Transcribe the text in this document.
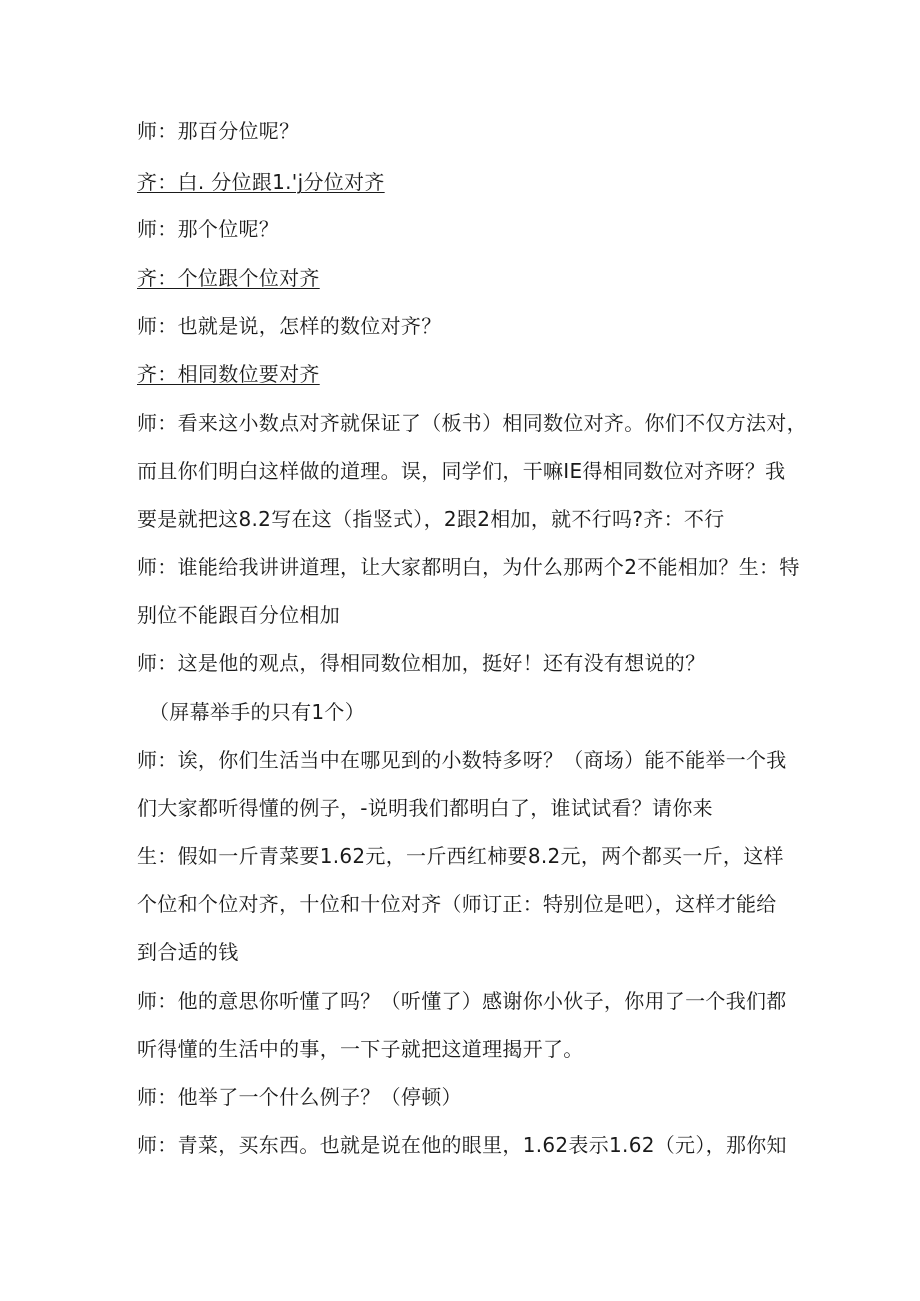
师：那百分位呢？
齐：白. 分位跟1.'j分位对齐
师：那个位呢？
齐：个位跟个位对齐
师：也就是说，怎样的数位对齐？
齐：相同数位要对齐
师：看来这小数点对齐就保证了（板书）相同数位对齐。你们不仅方法对，
而且你们明白这样做的道理。误，同学们，干嘛IE得相同数位对齐呀？我
要是就把这8.2写在这（指竖式），2跟2相加，就不行吗?齐：不行
师：谁能给我讲讲道理，让大家都明白，为什么那两个2不能相加？生：特
别位不能跟百分位相加
师：这是他的观点，得相同数位相加，挺好！还有没有想说的？
（屏幕举手的只有1个）
师：诶，你们生活当中在哪见到的小数特多呀？（商场）能不能举一个我
们大家都听得懂的例子，-说明我们都明白了，谁试试看？请你来
生：假如一斤青菜要1.62元，一斤西红柿要8.2元，两个都买一斤，这样
个位和个位对齐，十位和十位对齐（师订正：特别位是吧），这样才能给
到合适的钱
师：他的意思你听懂了吗？（听懂了）感谢你小伙子，你用了一个我们都
听得懂的生活中的事，一下子就把这道理揭开了。
师：他举了一个什么例子？（停顿）
师：青菜，买东西。也就是说在他的眼里，1.62表示1.62（元），那你知
